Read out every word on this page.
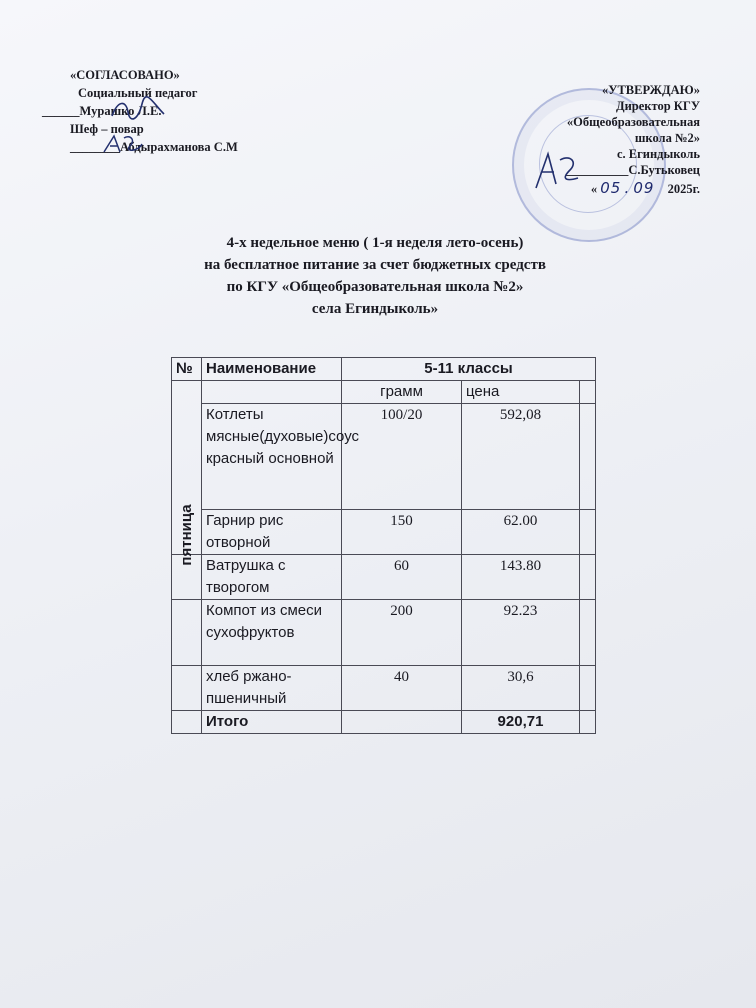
«СОГЛАСОВАНО»
Социальный педагог
______Мурашко Л.Е.
Шеф – повар
________Абдырахманова С.М
«УТВЕРЖДАЮ»
Директор КГУ
«Общеобразовательная
школа №2»
с. Егиндыколь
__________С.Бутьковец
« 05 . 09 2025г.
4-х недельное меню ( 1-я неделя лето-осень)
на бесплатное питание за счет бюджетных средств
по КГУ «Общеобразовательная школа №2»
села Егиндыколь»
№	Наименование	5-11 классы		

пятница		грамм	цена	
	Котлеты мясные(духовые)соус красный основной	100/20	592,08	
	Гарнир рис отворной	150	62.00	
	Ватрушка с творогом	60	143.80	
	Компот из смеси сухофруктов	200	92.23	
	хлеб ржано-пшеничный	40	30,6	
	Итого		920,71	
